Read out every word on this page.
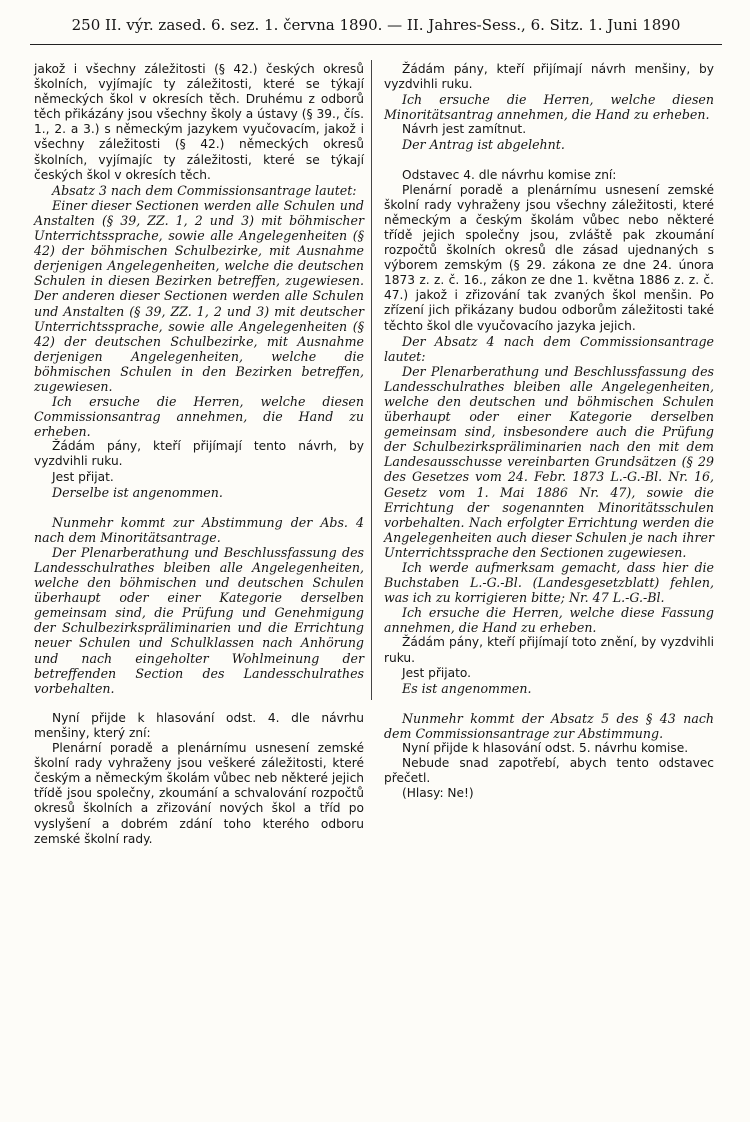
250 II. výr. zased. 6. sez. 1. června 1890. — II. Jahres-Sess., 6. Sitz. 1. Juni 1890

jakož i všechny záležitosti (§ 42.) českých okresů školních, vyjímajíc ty záležitosti, které se týkají německých škol v okresích těch. Druhému z odborů těch přikázány jsou všechny školy a ústavy (§ 39., čís. 1., 2. a 3.) s německým jazykem vyučovacím, jakož i všechny záležitosti (§ 42.) německých okresů školních, vyjímajíc ty záležitosti, které se týkají českých škol v okresích těch.

Absatz 3 nach dem Commissionsantrage lautet:

Einer dieser Sectionen werden alle Schulen und Anstalten (§ 39, ZZ. 1, 2 und 3) mit böhmischer Unterrichtssprache, sowie alle Angelegenheiten (§ 42) der böhmischen Schulbezirke, mit Ausnahme derjenigen Angelegenheiten, welche die deutschen Schulen in diesen Bezirken betreffen, zugewiesen. Der anderen dieser Sectionen werden alle Schulen und Anstalten (§ 39, ZZ. 1, 2 und 3) mit deutscher Unterrichtssprache, sowie alle Angelegenheiten (§ 42) der deutschen Schulbezirke, mit Ausnahme derjenigen Angelegenheiten, welche die böhmischen Schulen in den Bezirken betreffen, zugewiesen.

Ich ersuche die Herren, welche diesen Commissionsantrag annehmen, die Hand zu erheben.

Žádám pány, kteří přijímají tento návrh, by vyzdvihli ruku.

Jest přijat.

Derselbe ist angenommen.

Nunmehr kommt zur Abstimmung der Abs. 4 nach dem Minoritätsantrage.

Der Plenarberathung und Beschlussfassung des Landesschulrathes bleiben alle Angelegenheiten, welche den böhmischen und deutschen Schulen überhaupt oder einer Kategorie derselben gemeinsam sind, die Prüfung und Genehmigung der Schulbezirkspräliminarien und die Errichtung neuer Schulen und Schulklassen nach Anhörung und nach eingeholter Wohlmeinung der betreffenden Section des Landesschulrathes vorbehalten.

Nyní přijde k hlasování odst. 4. dle návrhu menšiny, který zní:

Plenární poradě a plenárnímu usnesení zemské školní rady vyhraženy jsou veškeré záležitosti, které českým a německým školám vůbec neb některé jejich třídě jsou společny, zkoumání a schvalování rozpočtů okresů školních a zřizování nových škol a tříd po vyslyšení a dobrém zdání toho kterého odboru zemské školní rady.

Žádám pány, kteří přijímají návrh menšiny, by vyzdvihli ruku.

Ich ersuche die Herren, welche diesen Minoritätsantrag annehmen, die Hand zu erheben.

Návrh jest zamítnut.

Der Antrag ist abgelehnt.

Odstavec 4. dle návrhu komise zní:

Plenární poradě a plenárnímu usnesení zemské školní rady vyhraženy jsou všechny záležitosti, které německým a českým školám vůbec nebo některé třídě jejich společny jsou, zvláště pak zkoumání rozpočtů školních okresů dle zásad ujednaných s výborem zemským (§ 29. zákona ze dne 24. února 1873 z. z. č. 16., zákon ze dne 1. května 1886 z. z. č. 47.) jakož i zřizování tak zvaných škol menšin. Po zřízení jich přikázany budou odborům záležitosti také těchto škol dle vyučovacího jazyka jejich.

Der Absatz 4 nach dem Commissionsantrage lautet:

Der Plenarberathung und Beschlussfassung des Landesschulrathes bleiben alle Angelegenheiten, welche den deutschen und böhmischen Schulen überhaupt oder einer Kategorie derselben gemeinsam sind, insbesondere auch die Prüfung der Schulbezirkspräliminarien nach den mit dem Landesausschusse vereinbarten Grundsätzen (§ 29 des Gesetzes vom 24. Febr. 1873 L.-G.-Bl. Nr. 16, Gesetz vom 1. Mai 1886 Nr. 47), sowie die Errichtung der sogenannten Minoritätsschulen vorbehalten. Nach erfolgter Errichtung werden die Angelegenheiten auch dieser Schulen je nach ihrer Unterrichtssprache den Sectionen zugewiesen.

Ich werde aufmerksam gemacht, dass hier die Buchstaben L.-G.-Bl. (Landesgesetzblatt) fehlen, was ich zu korrigieren bitte; Nr. 47 L.-G.-Bl.

Ich ersuche die Herren, welche diese Fassung annehmen, die Hand zu erheben.

Žádám pány, kteří přijímají toto znění, by vyzdvihli ruku.

Jest přijato.

Es ist angenommen.

Nunmehr kommt der Absatz 5 des § 43 nach dem Commissionsantrage zur Abstimmung.

Nyní přijde k hlasování odst. 5. návrhu komise.

Nebude snad zapotřebí, abych tento odstavec přečetl.

(Hlasy: Ne!)
